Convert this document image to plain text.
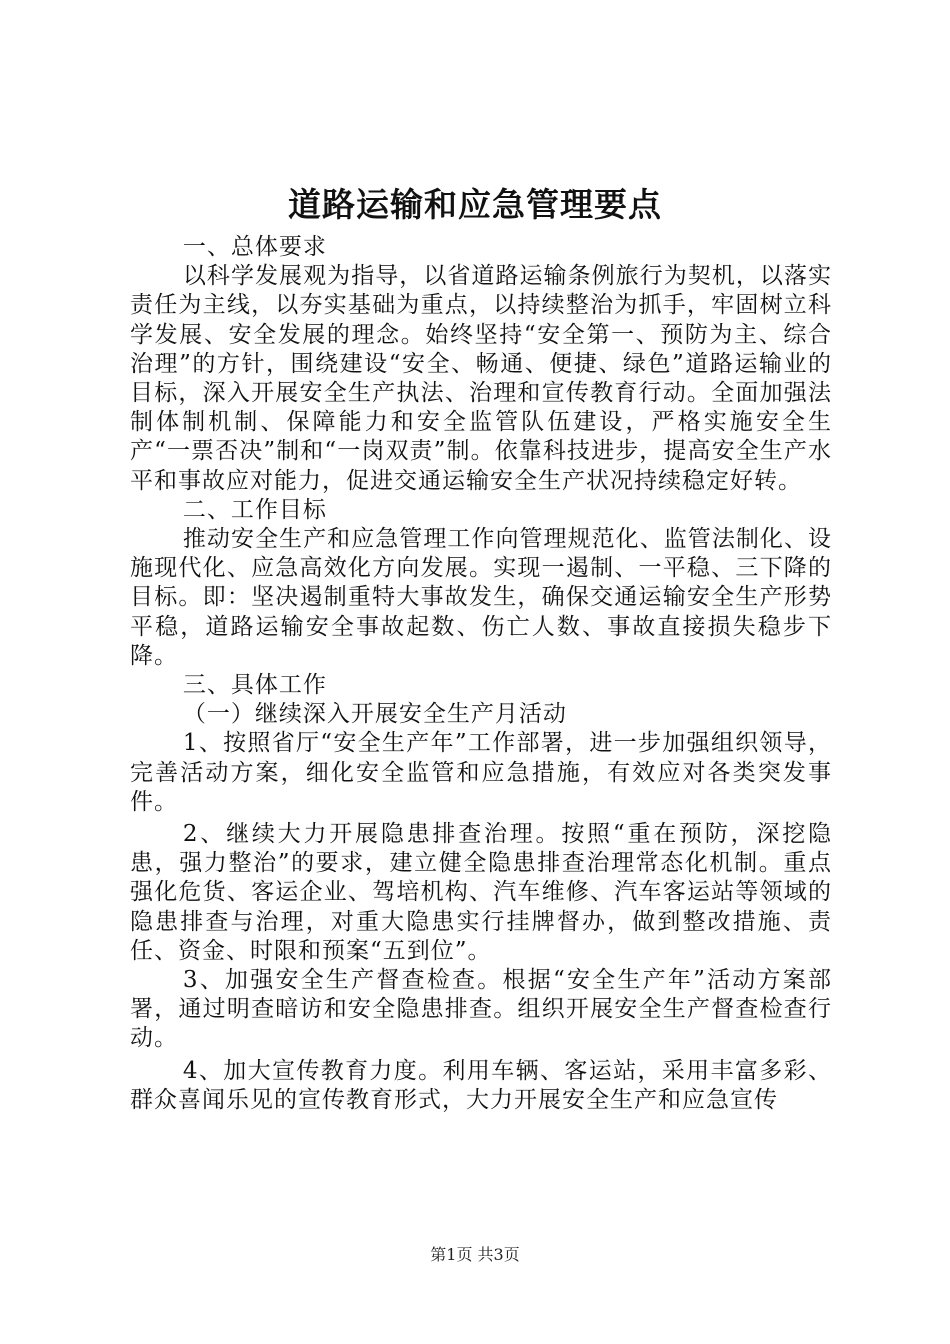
道路运输和应急管理要点

一、总体要求

以科学发展观为指导，以省道路运输条例旅行为契机，以落实责任为主线，以夯实基础为重点，以持续整治为抓手，牢固树立科学发展、安全发展的理念。始终坚持“安全第一、预防为主、综合治理”的方针，围绕建设“安全、畅通、便捷、绿色”道路运输业的目标，深入开展安全生产执法、治理和宣传教育行动。全面加强法制体制机制、保障能力和安全监管队伍建设，严格实施安全生产“一票否决”制和“一岗双责”制。依靠科技进步，提高安全生产水平和事故应对能力，促进交通运输安全生产状况持续稳定好转。

二、工作目标

推动安全生产和应急管理工作向管理规范化、监管法制化、设施现代化、应急高效化方向发展。实现一遏制、一平稳、三下降的目标。即：坚决遏制重特大事故发生，确保交通运输安全生产形势平稳，道路运输安全事故起数、伤亡人数、事故直接损失稳步下降。

三、具体工作

（一）继续深入开展安全生产月活动

1、按照省厅“安全生产年”工作部署，进一步加强组织领导，完善活动方案，细化安全监管和应急措施，有效应对各类突发事件。

2、继续大力开展隐患排查治理。按照“重在预防，深挖隐患，强力整治”的要求，建立健全隐患排查治理常态化机制。重点强化危货、客运企业、驾培机构、汽车维修、汽车客运站等领域的隐患排查与治理，对重大隐患实行挂牌督办，做到整改措施、责任、资金、时限和预案“五到位”。

3、加强安全生产督查检查。根据“安全生产年”活动方案部署，通过明查暗访和安全隐患排查。组织开展安全生产督查检查行动。

4、加大宣传教育力度。利用车辆、客运站，采用丰富多彩、群众喜闻乐见的宣传教育形式，大力开展安全生产和应急宣传

第1页 共3页
